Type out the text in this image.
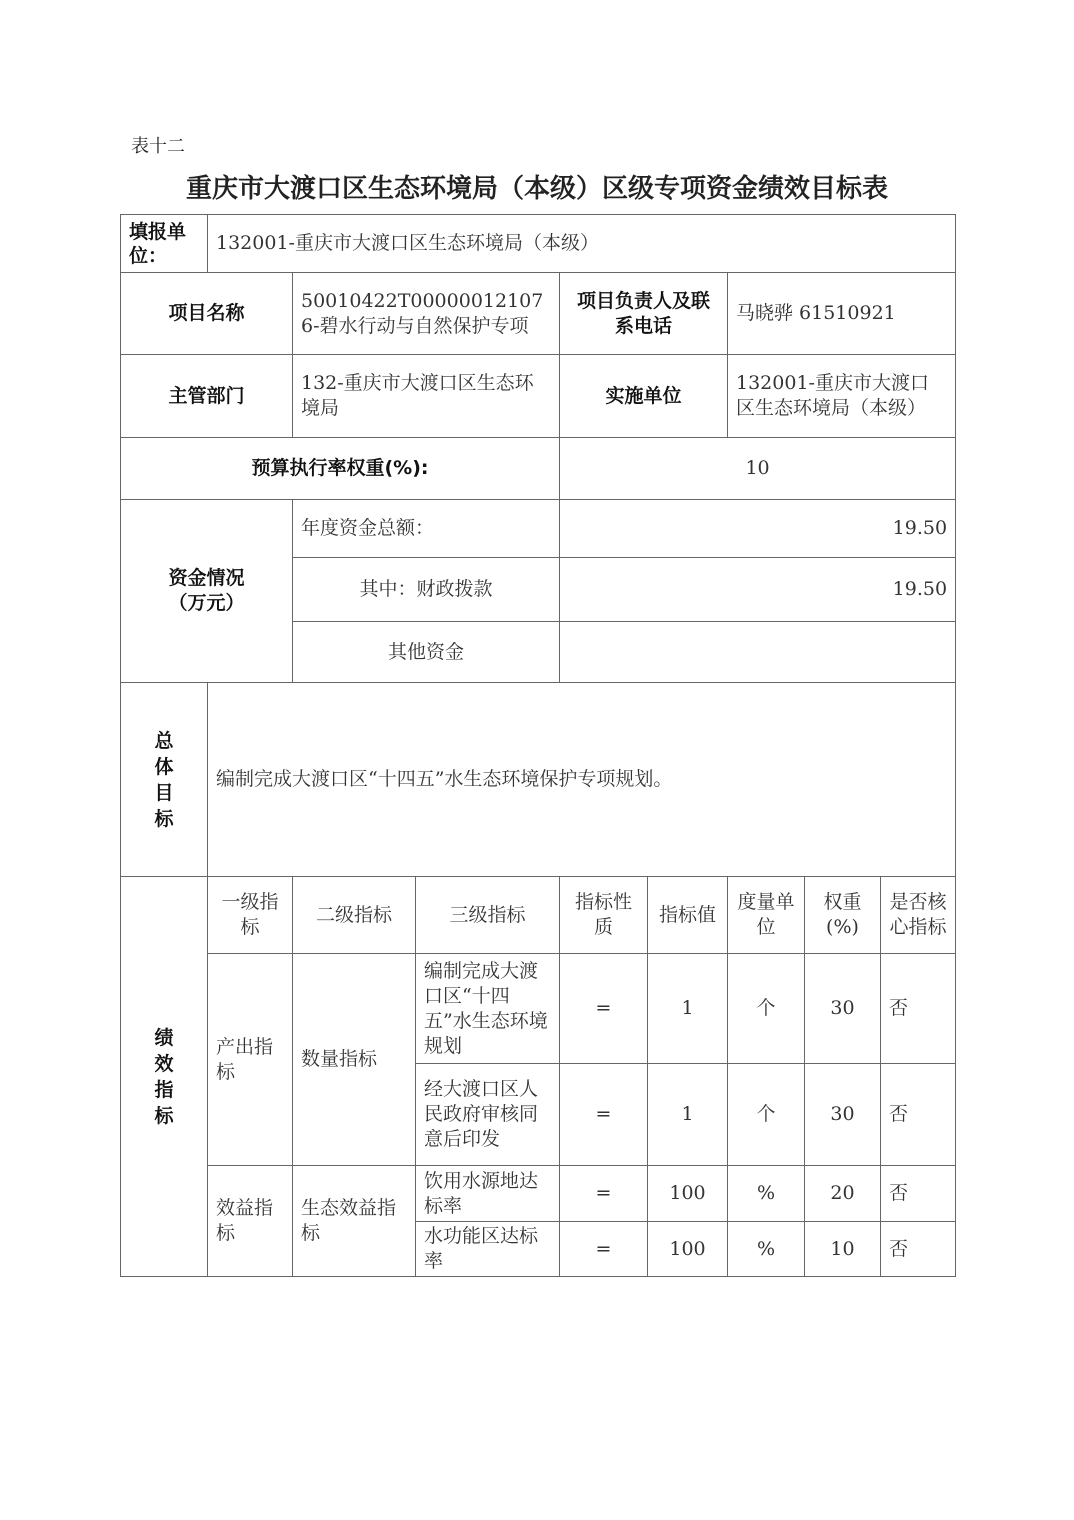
表十二
重庆市大渡口区生态环境局（本级）区级专项资金绩效目标表
填报单位：	132001-重庆市大渡口区生态环境局（本级）							
项目名称		50010422T000000121076-碧水行动与自然保护专项		项目负责人及联系电话		马晓骅 61510921		
主管部门		132-重庆市大渡口区生态环境局		实施单位		132001-重庆市大渡口区生态环境局（本级）		
预算执行率权重(%):				10				
资金情况（万元）		年度资金总额：		19.50				
		其中：财政拨款		19.50				
		其他资金						
总体目标	编制完成大渡口区“十四五”水生态环境保护专项规划。							
绩效指标	一级指标	二级指标	三级指标	指标性质	指标值	度量单位	权重(%)	是否核心指标
	产出指标	数量指标	编制完成大渡口区“十四五”水生态环境规划	=	1	个	30	否
			经大渡口区人民政府审核同意后印发	=	1	个	30	否
	效益指标	生态效益指标	饮用水源地达标率	=	100	%	20	否
			水功能区达标率	=	100	%	10	否
